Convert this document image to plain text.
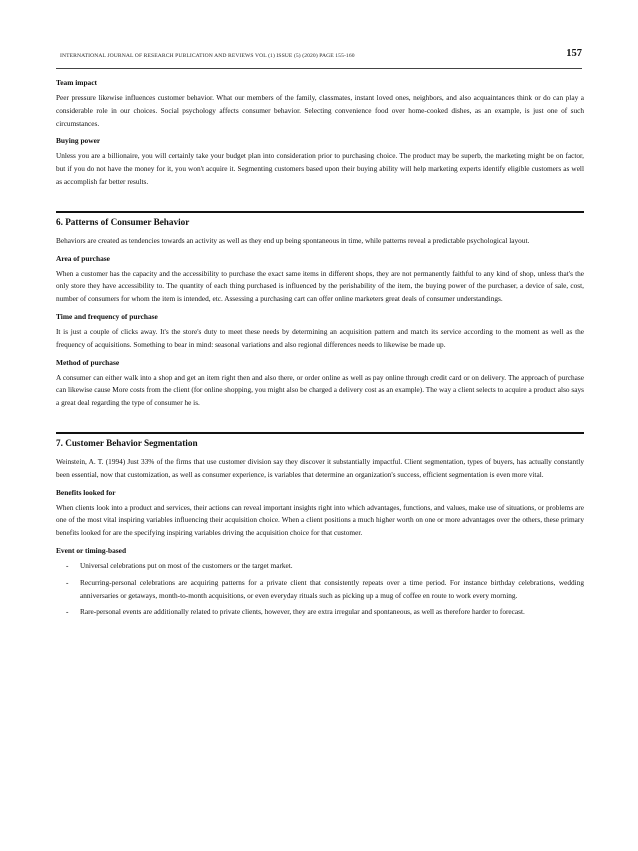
INTERNATIONAL JOURNAL OF RESEARCH PUBLICATION AND REVIEWS VOL (1) ISSUE (5) (2020) PAGE 155-160	157

Team impact

Peer pressure likewise influences customer behavior. What our members of the family, classmates, instant loved ones, neighbors, and also acquaintances think or do can play a considerable role in our choices. Social psychology affects consumer behavior. Selecting convenience food over home-cooked dishes, as an example, is just one of such circumstances.

Buying power

Unless you are a billionaire, you will certainly take your budget plan into consideration prior to purchasing choice. The product may be superb, the marketing might be on factor, but if you do not have the money for it, you won't acquire it. Segmenting customers based upon their buying ability will help marketing experts identify eligible customers as well as accomplish far better results.

6. Patterns of Consumer Behavior

Behaviors are created as tendencies towards an activity as well as they end up being spontaneous in time, while patterns reveal a predictable psychological layout.

Area of purchase

When a customer has the capacity and the accessibility to purchase the exact same items in different shops, they are not permanently faithful to any kind of shop, unless that's the only store they have accessibility to. The quantity of each thing purchased is influenced by the perishability of the item, the buying power of the purchaser, a device of sale, cost, number of consumers for whom the item is intended, etc. Assessing a purchasing cart can offer online marketers great deals of consumer understandings.

Time and frequency of purchase

It is just a couple of clicks away. It's the store's duty to meet these needs by determining an acquisition pattern and match its service according to the moment as well as the frequency of acquisitions. Something to bear in mind: seasonal variations and also regional differences needs to likewise be made up.

Method of purchase

A consumer can either walk into a shop and get an item right then and also there, or order online as well as pay online through credit card or on delivery. The approach of purchase can likewise cause More costs from the client (for online shopping, you might also be charged a delivery cost as an example). The way a client selects to acquire a product also says a great deal regarding the type of consumer he is.

7. Customer Behavior Segmentation

Weinstein, A. T. (1994) Just 33% of the firms that use customer division say they discover it substantially impactful. Client segmentation, types of buyers, has actually constantly been essential, now that customization, as well as consumer experience, is variables that determine an organization's success, efficient segmentation is even more vital.

Benefits looked for

When clients look into a product and services, their actions can reveal important insights right into which advantages, functions, and values, make use of situations, or problems are one of the most vital inspiring variables influencing their acquisition choice. When a client positions a much higher worth on one or more advantages over the others, these primary benefits looked for are the specifying inspiring variables driving the acquisition choice for that customer.

Event or timing-based

-	Universal celebrations put on most of the customers or the target market.
-	Recurring-personal celebrations are acquiring patterns for a private client that consistently repeats over a time period. For instance birthday celebrations, wedding anniversaries or getaways, month-to-month acquisitions, or even everyday rituals such as picking up a mug of coffee en route to work every morning.
-	Rare-personal events are additionally related to private clients, however, they are extra irregular and spontaneous, as well as therefore harder to forecast.
